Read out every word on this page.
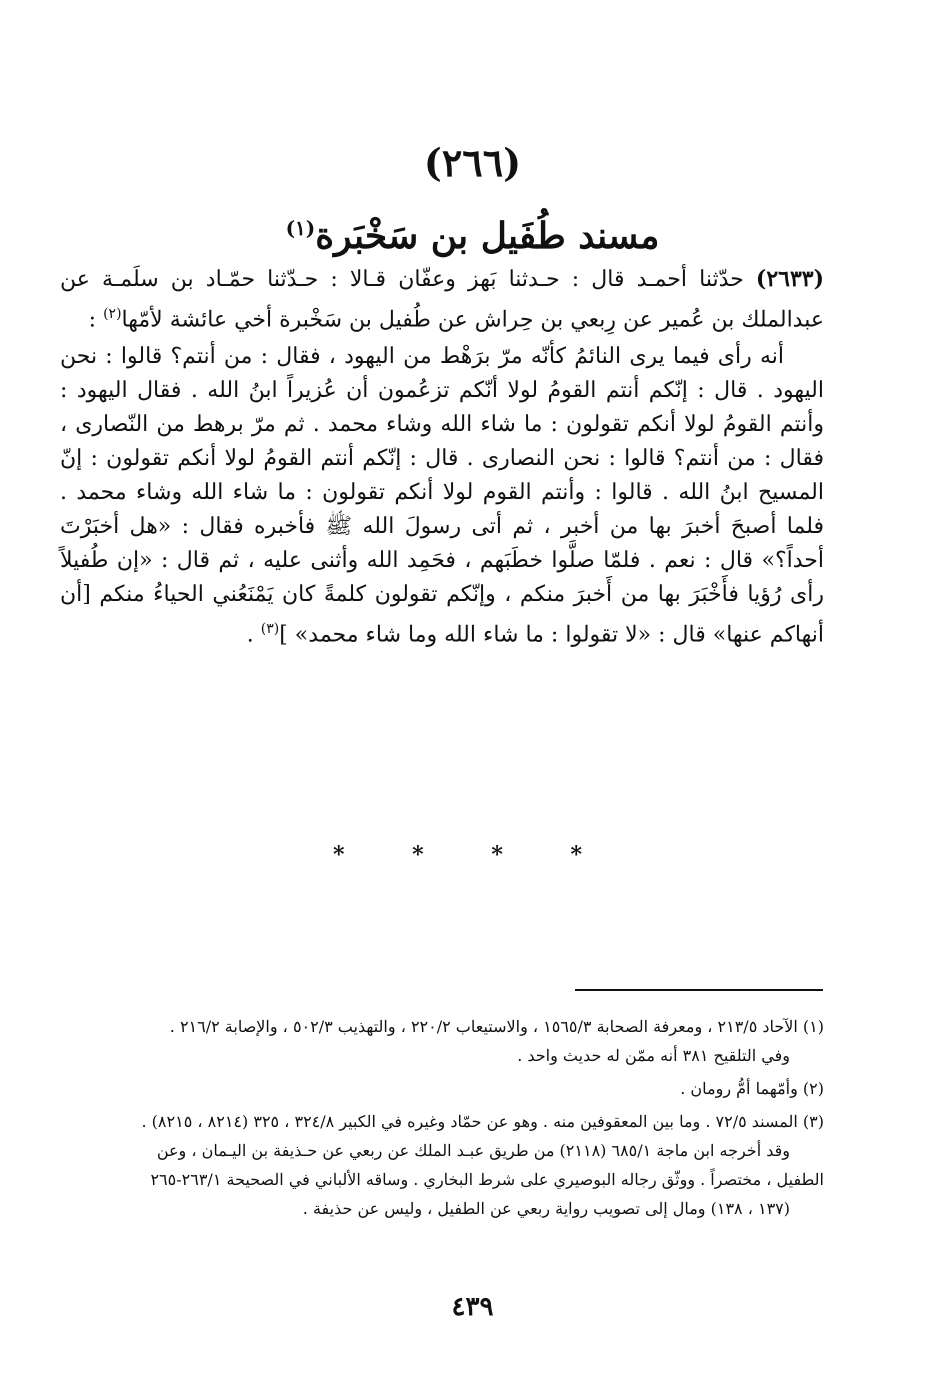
(٢٦٦)
مسند طُفَيل بن سَخْبَرة$^{(١)}$
(٢٦٣٣) حدّثنا أحمـد قال : حـدثنا بَهز وعفّان قـالا : حـدّثنا حمّـاد بن سلَمـة عن عبدالملك بن عُمير عن رِبعي بن حِراش عن طُفيل بن سَخْبرة أخي عائشة لأمّها$^{(٢)}$ :
أنه رأى فيما يرى النائمُ كأنّه مرّ برَهْط من اليهود ، فقال : من أنتم؟ قالوا : نحن اليهود . قال : إنّكم أنتم القومُ لولا أنّكم تزعُمون أن عُزيراً ابنُ الله . فقال اليهود : وأنتم القومُ لولا أنكم تقولون : ما شاء الله وشاء محمد . ثم مرّ برهط من النّصارى ، فقال : من أنتم؟ قالوا : نحن النصارى . قال : إنّكم أنتم القومُ لولا أنكم تقولون : إنّ المسيح ابنُ الله . قالوا : وأنتم القوم لولا أنكم تقولون : ما شاء الله وشاء محمد . فلما أصبحَ أخبرَ بها من أخبر ، ثم أتى رسولَ الله ﷺ فأخبره فقال : «هل أخبَرْتَ أحداً؟» قال : نعم . فلمّا صلَّوا خطَبَهم ، فحَمِد الله وأثنى عليه ، ثم قال : «إن طُفيلاً رأى رُؤيا فأَخْبَرَ بها من أَخبرَ منكم ، وإنّكم تقولون كلمةً كان يَمْنَعُني الحياءُ منكم [أن أنهاكم عنها» قال : «لا تقولوا : ما شاء الله وما شاء محمد» ]$^{(٣)}$ .
* * * *
(١) الآحاد ٢١٣/٥ ، ومعرفة الصحابة ١٥٦٥/٣ ، والاستيعاب ٢٢٠/٢ ، والتهذيب ٥٠٢/٣ ، والإصابة ٢١٦/٢ .
وفي التلقيح ٣٨١ أنه ممّن له حديث واحد .
(٢) وأمّهما أمُّ رومان .
(٣) المسند ٧٢/٥ . وما بين المعقوفين منه . وهو عن حمّاد وغيره في الكبير ٣٢٤/٨ ، ٣٢٥ (٨٢١٤ ، ٨٢١٥) .
وقد أخرجه ابن ماجة ٦٨٥/١ (٢١١٨) من طريق عبـد الملك عن ربعي عن حـذيفة بن اليـمان ، وعن
الطفيل ، مختصراً . ووثّق رجاله البوصيري على شرط البخاري . وساقه الألباني في الصحيحة ٢٦٣/١-٢٦٥
(١٣٧ ، ١٣٨) ومال إلى تصويب رواية ربعي عن الطفيل ، وليس عن حذيفة .
٤٣٩
